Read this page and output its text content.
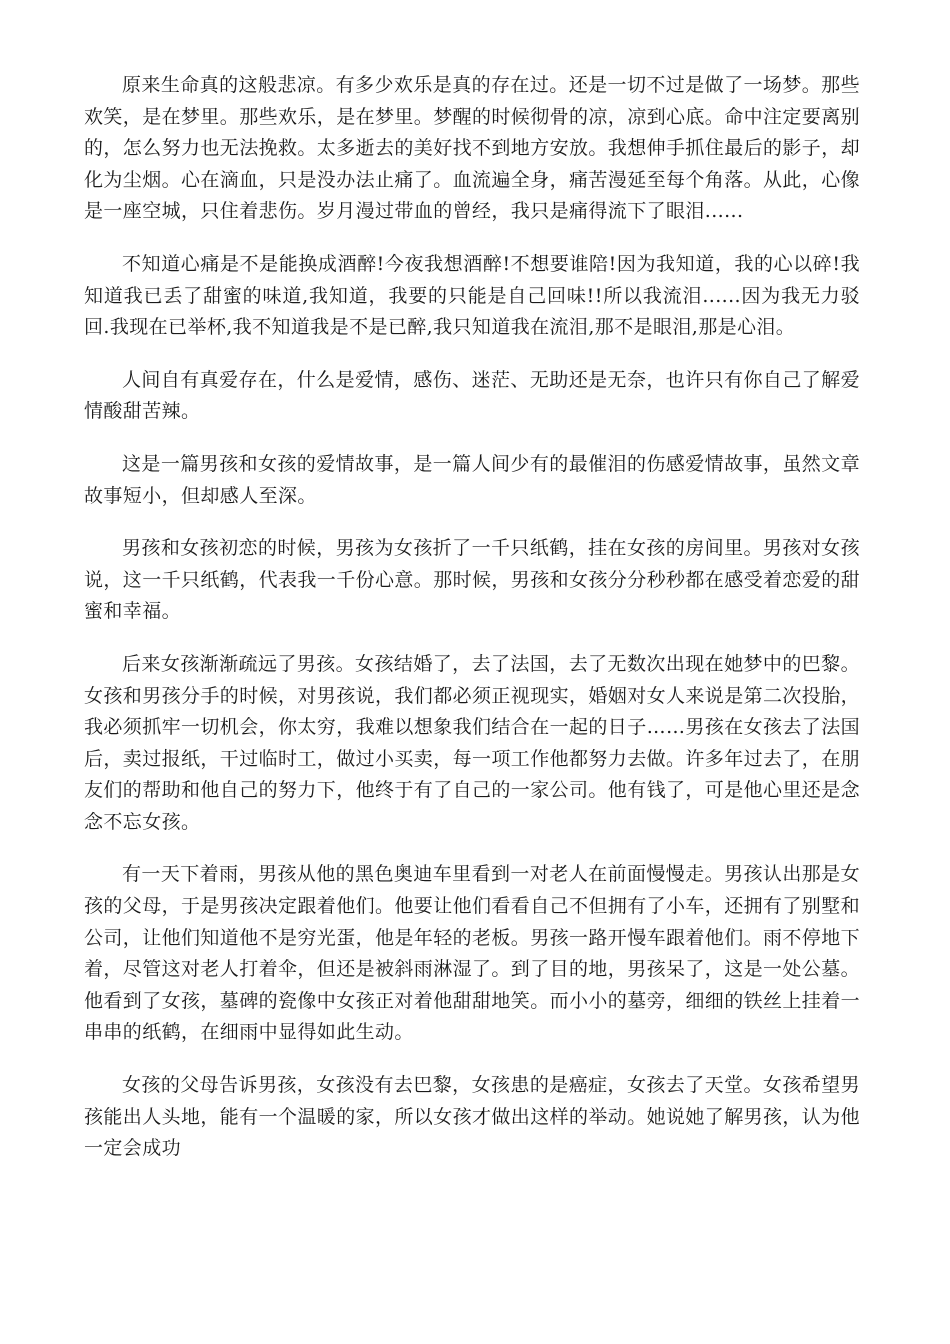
原来生命真的这般悲凉。有多少欢乐是真的存在过。还是一切不过是做了一场梦。那些欢笑，是在梦里。那些欢乐，是在梦里。梦醒的时候彻骨的凉，凉到心底。命中注定要离别的，怎么努力也无法挽救。太多逝去的美好找不到地方安放。我想伸手抓住最后的影子，却化为尘烟。心在滴血，只是没办法止痛了。血流遍全身，痛苦漫延至每个角落。从此，心像是一座空城，只住着悲伤。岁月漫过带血的曾经，我只是痛得流下了眼泪......

不知道心痛是不是能换成酒醉!今夜我想酒醉!不想要谁陪!因为我知道，我的心以碎!我知道我已丢了甜蜜的味道,我知道，我要的只能是自己回味!!所以我流泪......因为我无力驳回.我现在已举杯,我不知道我是不是已醉,我只知道我在流泪,那不是眼泪,那是心泪。

人间自有真爱存在，什么是爱情，感伤、迷茫、无助还是无奈，也许只有你自己了解爱情酸甜苦辣。

这是一篇男孩和女孩的爱情故事，是一篇人间少有的最催泪的伤感爱情故事，虽然文章故事短小，但却感人至深。

男孩和女孩初恋的时候，男孩为女孩折了一千只纸鹤，挂在女孩的房间里。男孩对女孩说，这一千只纸鹤，代表我一千份心意。那时候，男孩和女孩分分秒秒都在感受着恋爱的甜蜜和幸福。

后来女孩渐渐疏远了男孩。女孩结婚了，去了法国，去了无数次出现在她梦中的巴黎。女孩和男孩分手的时候，对男孩说，我们都必须正视现实，婚姻对女人来说是第二次投胎，我必须抓牢一切机会，你太穷，我难以想象我们结合在一起的日子……男孩在女孩去了法国后，卖过报纸，干过临时工，做过小买卖，每一项工作他都努力去做。许多年过去了，在朋友们的帮助和他自己的努力下，他终于有了自己的一家公司。他有钱了，可是他心里还是念念不忘女孩。

有一天下着雨，男孩从他的黑色奥迪车里看到一对老人在前面慢慢走。男孩认出那是女孩的父母，于是男孩决定跟着他们。他要让他们看看自己不但拥有了小车，还拥有了别墅和公司，让他们知道他不是穷光蛋，他是年轻的老板。男孩一路开慢车跟着他们。雨不停地下着，尽管这对老人打着伞，但还是被斜雨淋湿了。到了目的地，男孩呆了，这是一处公墓。他看到了女孩，墓碑的瓷像中女孩正对着他甜甜地笑。而小小的墓旁，细细的铁丝上挂着一串串的纸鹤，在细雨中显得如此生动。

女孩的父母告诉男孩，女孩没有去巴黎，女孩患的是癌症，女孩去了天堂。女孩希望男孩能出人头地，能有一个温暖的家，所以女孩才做出这样的举动。她说她了解男孩，认为他一定会成功
